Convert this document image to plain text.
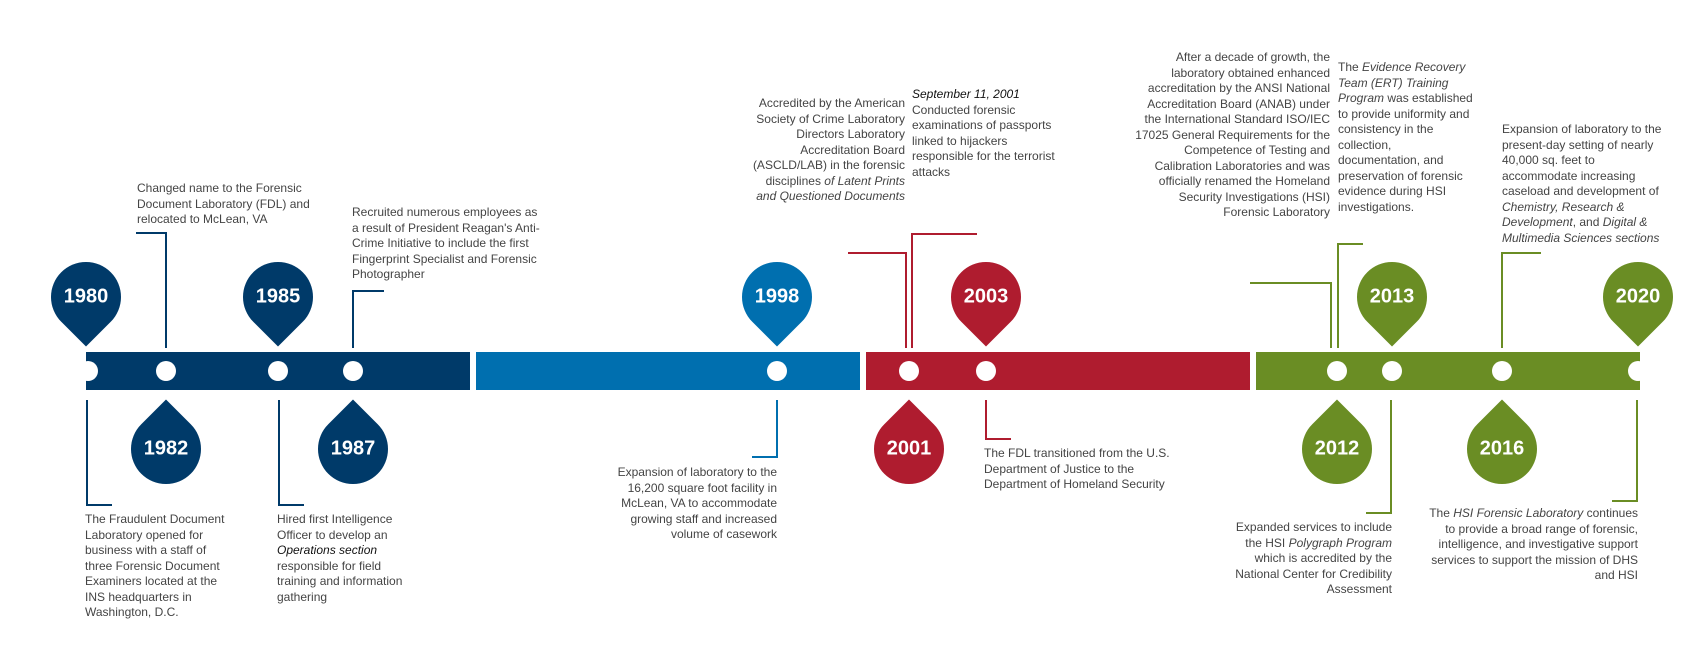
1980	1985	1998	2003	2013	2020
1982	1987	2001	2012	2016

The Fraudulent Document Laboratory opened for business with a staff of three Forensic Document Examiners located at the INS headquarters in Washington, D.C.

Changed name to the Forensic Document Laboratory (FDL) and relocated to McLean, VA

Hired first Intelligence Officer to develop an Operations section responsible for field training and information gathering

Recruited numerous employees as a result of President Reagan's Anti-Crime Initiative to include the first Fingerprint Specialist and Forensic Photographer

Expansion of laboratory to the 16,200 square foot facility in McLean, VA to accommodate growing staff and increased volume of casework

Accredited by the American Society of Crime Laboratory Directors Laboratory Accreditation Board (ASCLD/LAB) in the forensic disciplines of Latent Prints and Questioned Documents

September 11, 2001
Conducted forensic examinations of passports linked to hijackers responsible for the terrorist attacks

The FDL transitioned from the U.S. Department of Justice to the Department of Homeland Security

After a decade of growth, the laboratory obtained enhanced accreditation by the ANSI National Accreditation Board (ANAB) under the International Standard ISO/IEC 17025 General Requirements for the Competence of Testing and Calibration Laboratories and was officially renamed the Homeland Security Investigations (HSI) Forensic Laboratory

Expanded services to include the HSI Polygraph Program which is accredited by the National Center for Credibility Assessment

The Evidence Recovery Team (ERT) Training Program was established to provide uniformity and consistency in the collection, documentation, and preservation of forensic evidence during HSI investigations.

Expansion of laboratory to the present-day setting of nearly 40,000 sq. feet to accommodate increasing caseload and development of Chemistry, Research & Development, and Digital & Multimedia Sciences sections

The HSI Forensic Laboratory continues to provide a broad range of forensic, intelligence, and investigative support services to support the mission of DHS and HSI
